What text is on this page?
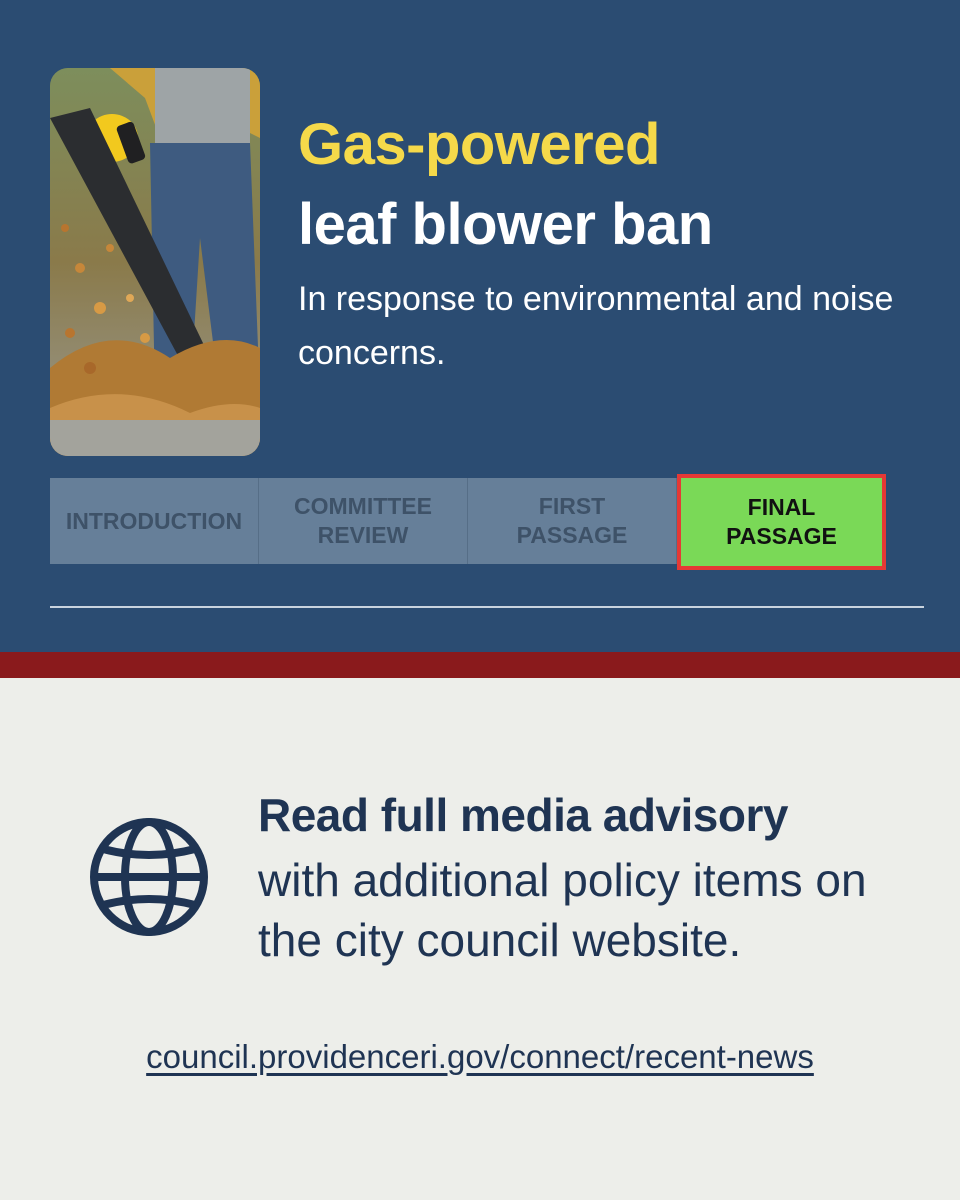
Gas-powered
leaf blower ban
In response to environmental and noise concerns.
INTRODUCTION
COMMITTEE REVIEW
FIRST PASSAGE
FINAL PASSAGE
Read full media advisory
with additional policy items on the city council website.
council.providenceri.gov/connect/recent-news
